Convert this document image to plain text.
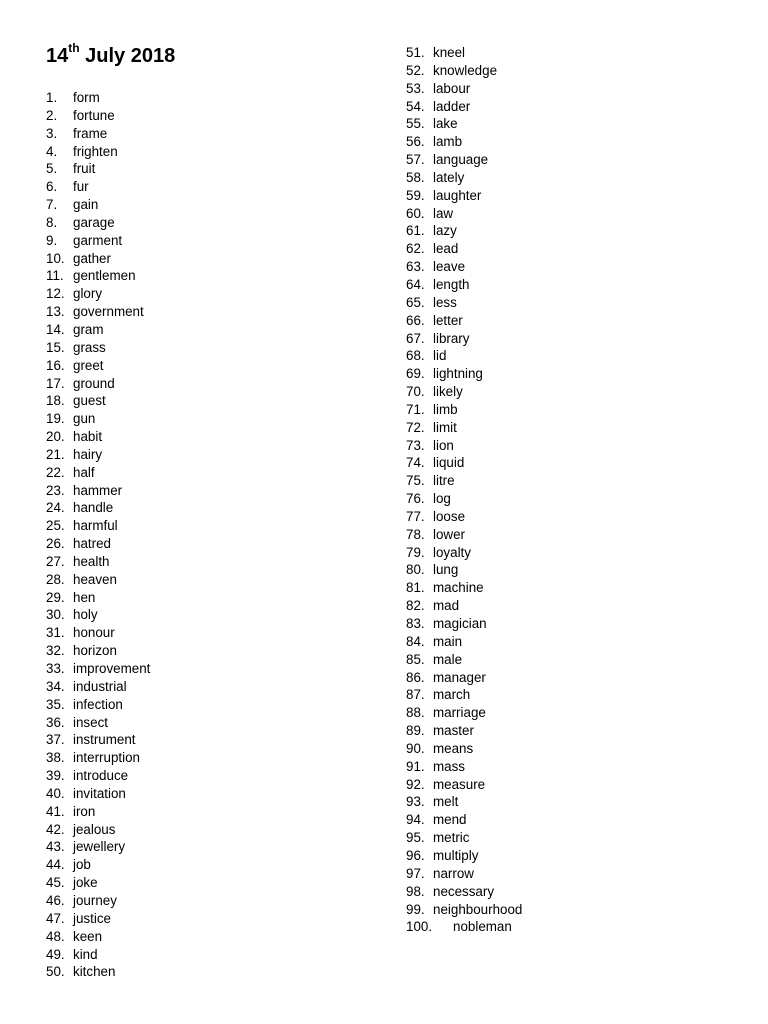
14th July 2018
1.	form
2.	fortune
3.	frame
4.	frighten
5.	fruit
6.	fur
7.	gain
8.	garage
9.	garment
10. gather
11. gentlemen
12. glory
13. government
14. gram
15. grass
16. greet
17. ground
18. guest
19. gun
20. habit
21. hairy
22. half
23. hammer
24. handle
25. harmful
26. hatred
27. health
28. heaven
29. hen
30. holy
31. honour
32. horizon
33. improvement
34. industrial
35. infection
36. insect
37. instrument
38. interruption
39. introduce
40. invitation
41. iron
42. jealous
43. jewellery
44. job
45. joke
46. journey
47. justice
48. keen
49. kind
50. kitchen
51. kneel
52. knowledge
53. labour
54. ladder
55. lake
56. lamb
57. language
58. lately
59. laughter
60. law
61. lazy
62. lead
63. leave
64. length
65. less
66. letter
67. library
68. lid
69. lightning
70. likely
71. limb
72. limit
73. lion
74. liquid
75. litre
76. log
77. loose
78. lower
79. loyalty
80. lung
81. machine
82. mad
83. magician
84. main
85. male
86. manager
87. march
88. marriage
89. master
90. means
91. mass
92. measure
93. melt
94. mend
95. metric
96. multiply
97. narrow
98. necessary
99. neighbourhood
100.	nobleman
